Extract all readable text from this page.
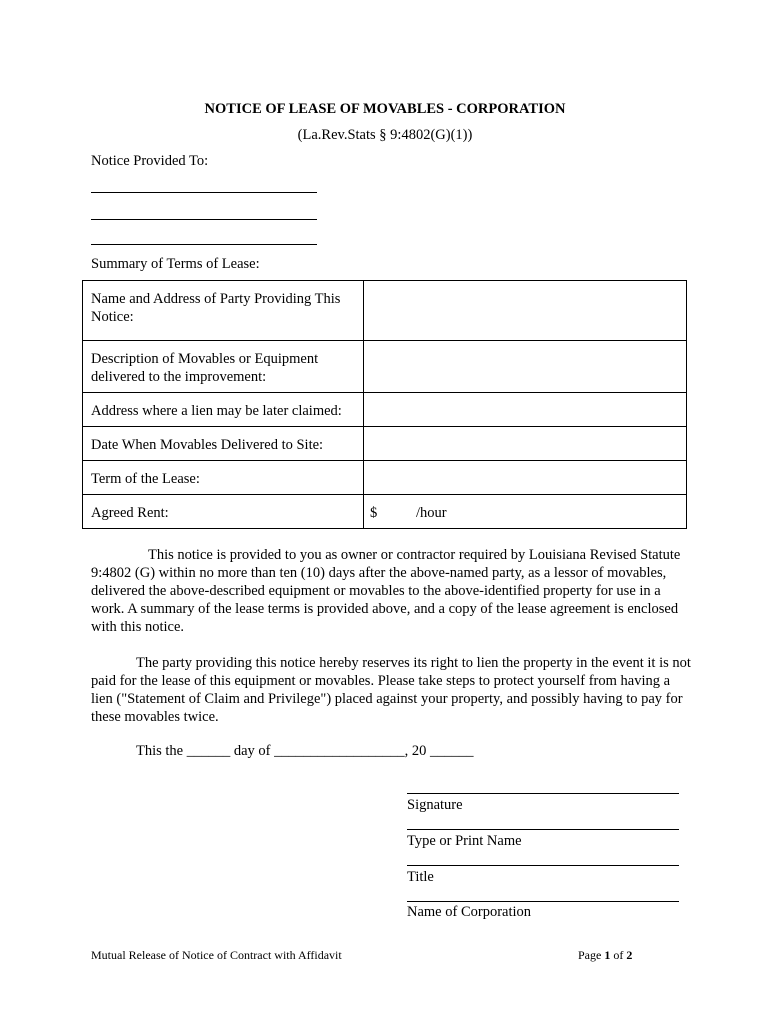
NOTICE OF LEASE OF MOVABLES - CORPORATION
(La.Rev.Stats § 9:4802(G)(1))
Notice Provided To:
Summary of Terms of Lease:
Name and Address of Party Providing This Notice:	
Description of Movables or Equipment delivered to the improvement:	
Address where a lien may be later claimed:	
Date When Movables Delivered to Site:	
Term of the Lease:	
Agreed Rent:	$ /hour
This notice is provided to you as owner or contractor required by Louisiana Revised Statute 9:4802 (G) within no more than ten (10) days after the above-named party, as a lessor of movables, delivered the above-described equipment or movables to the above-identified property for use in a work. A summary of the lease terms is provided above, and a copy of the lease agreement is enclosed with this notice.
The party providing this notice hereby reserves its right to lien the property in the event it is not paid for the lease of this equipment or movables. Please take steps to protect yourself from having a lien ("Statement of Claim and Privilege") placed against your property, and possibly having to pay for these movables twice.
This the ______ day of __________________, 20 ______
Signature
Type or Print Name
Title
Name of Corporation
Mutual Release of Notice of Contract with Affidavit	Page 1 of 2
